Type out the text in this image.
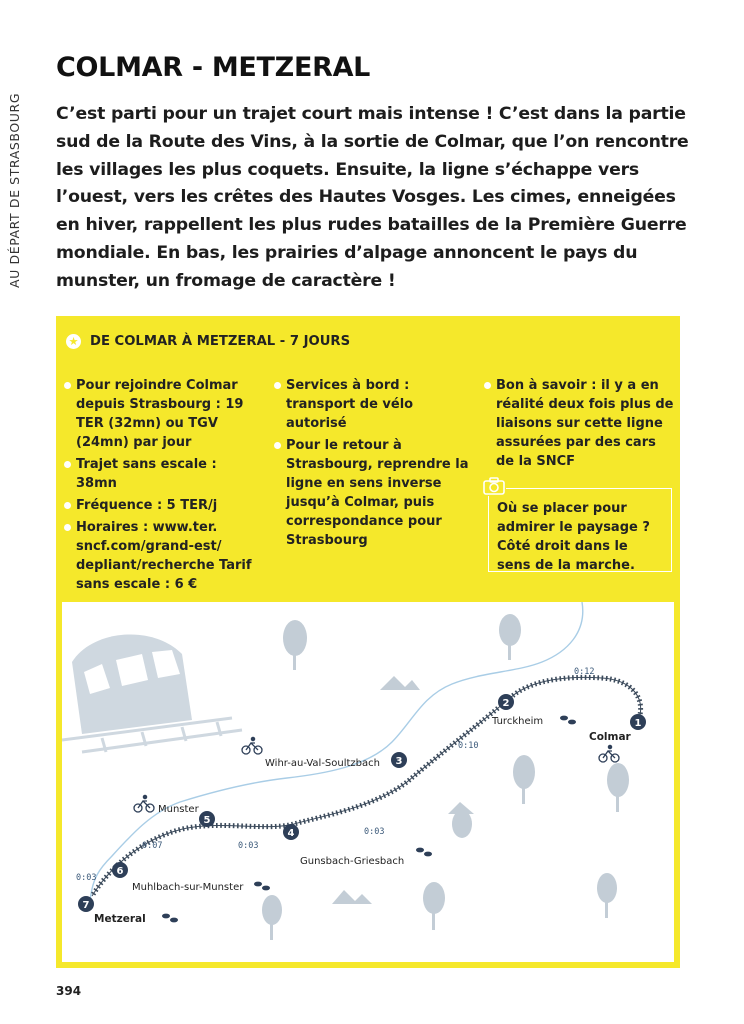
AU DÉPART DE STRASBOURG
COLMAR - METZERAL

C’est parti pour un trajet court mais intense ! C’est dans la partie sud de la Route des Vins, à la sortie de Colmar, que l’on rencontre les villages les plus coquets. Ensuite, la ligne s’échappe vers l’ouest, vers les crêtes des Hautes Vosges. Les cimes, enneigées en hiver, rappellent les plus rudes batailles de la Première Guerre mondiale. En bas, les prairies d’alpage annoncent le pays du munster, un fromage de caractère !

★ DE COLMAR À METZERAL - 7 JOURS
Pour rejoindre Colmar depuis Strasbourg : 19 TER (32mn) ou TGV (24mn) par jour
Trajet sans escale : 38mn
Fréquence : 5 TER/j
Horaires : www.ter. sncf.com/grand-est/ depliant/recherche Tarif sans escale : 6 €
Services à bord : transport de vélo autorisé
Pour le retour à Strasbourg, reprendre la ligne en sens inverse jusqu’à Colmar, puis correspondance pour Strasbourg
Bon à savoir : il y a en réalité deux fois plus de liaisons sur cette ligne assurées par des cars de la SNCF
Où se placer pour admirer le paysage ? Côté droit dans le sens de la marche.
1
2
3
4
5
6
7
Colmar
Turckheim
Wihr-au-Val-Soultzbach
Gunsbach-Griesbach
Munster
Muhlbach-sur-Munster
Metzeral
0:12
0:10
0:03
0:03
0:07
0:03
394
